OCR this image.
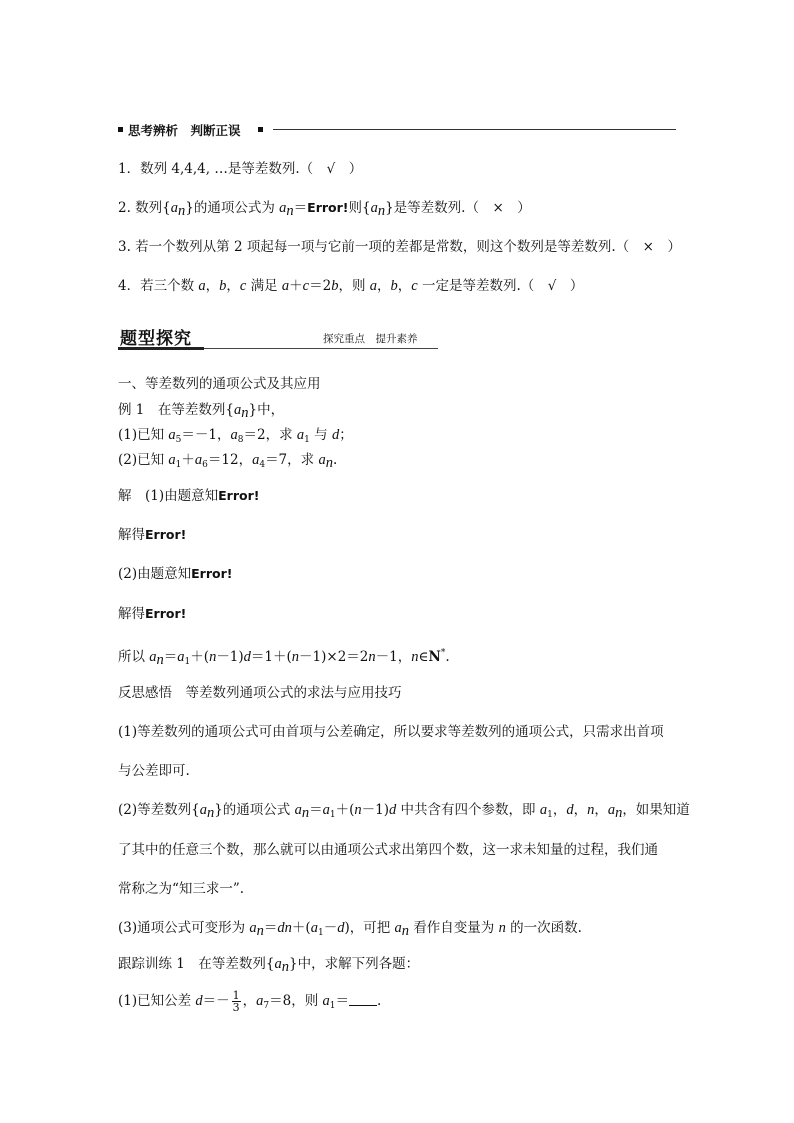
思考辨析　判断正误
1．数列 4,4,4, …是等差数列.（　√　）
2. 数列$\{a_n\}$的通项公式为 $a_n=Error$!则$\{a_n\}$是等差数列.（　×　）
3. 若一个数列从第 2 项起每一项与它前一项的差都是常数，则这个数列是等差数列.（　×　）
4．若三个数 a，b，c 满足 a＋c＝2b，则 a，b，c 一定是等差数列.（　√　）
题型探究	探究重点　提升素养
一、等差数列的通项公式及其应用
例 1　在等差数列$\{a_n\}$中，
(1)已知 $a_5=-1$，$a_8=2$，求 $a_1$ 与 d；
(2)已知 $a_1+a_6=12$，$a_4=7$，求 $a_n$.
解　(1)由题意知Error!
解得Error!
(2)由题意知Error!
解得Error!
所以 $a_n=a_1+(n-1)d=1+(n-1)\times 2=2n-1$，n∈N*.
反思感悟　等差数列通项公式的求法与应用技巧
(1)等差数列的通项公式可由首项与公差确定，所以要求等差数列的通项公式，只需求出首项
与公差即可.
(2)等差数列$\{a_n\}$的通项公式 $a_n=a_1+(n-1)d$ 中共含有四个参数，即 $a_1$，d，n，$a_n$，如果知道
了其中的任意三个数，那么就可以由通项公式求出第四个数，这一求未知量的过程，我们通
常称之为“知三求一”.
(3)通项公式可变形为 $a_n=dn+(a_1-d)$，可把 $a_n$ 看作自变量为 n 的一次函数.
跟踪训练 1　在等差数列$\{a_n\}$中，求解下列各题：
(1)已知公差 $d=- \frac{1}{3}$ ，$a_7=8$，则 $a_1=$ .
